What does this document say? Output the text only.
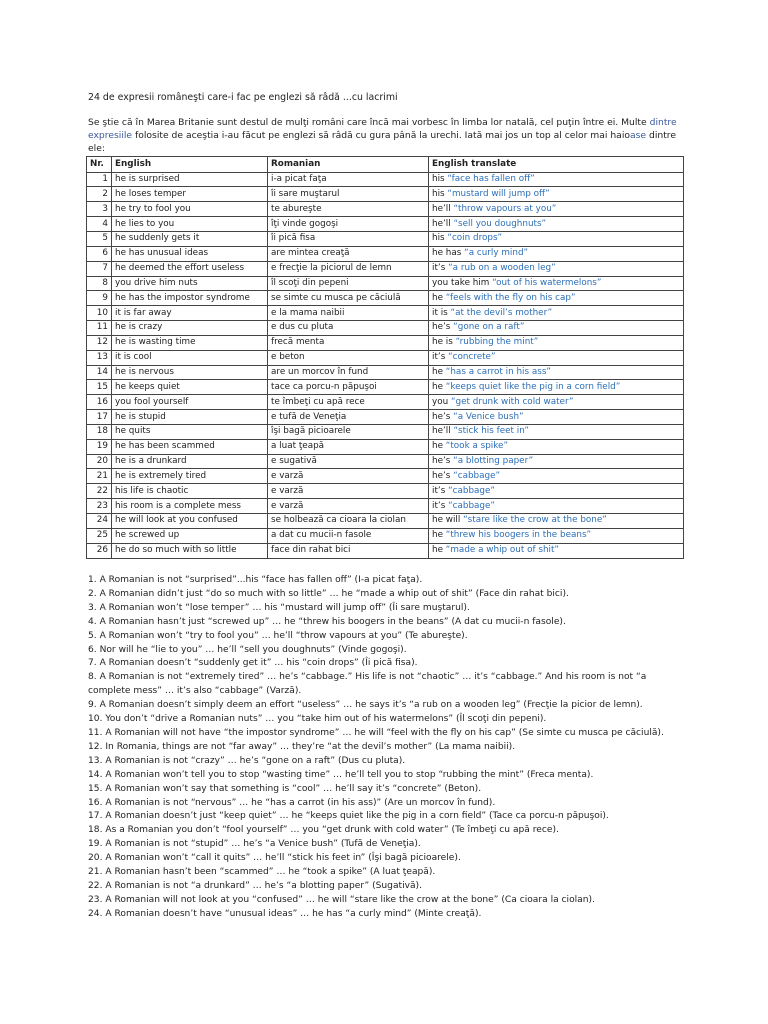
24 de expresii româneşti care-i fac pe englezi să râdă ...cu lacrimi
Se ştie că în Marea Britanie sunt destul de mulţi români care încă mai vorbesc în limba lor natală, cel puţin între ei. Multe dintre expresiile folosite de aceştia i-au făcut pe englezi să râdă cu gura până la urechi. Iată mai jos un top al celor mai haioase dintre ele:
Nr.	English	Romanian	English translate
1	he is surprised	i-a picat faţa	his “face has fallen off”
2	he loses temper	îi sare muştarul	his “mustard will jump off”
3	he try to fool you	te abureşte	he’ll “throw vapours at you”
4	he lies to you	îţi vinde gogoşi	he’ll “sell you doughnuts”
5	he suddenly gets it	îi pică fisa	his “coin drops”
6	he has unusual ideas	are mintea creaţă	he has “a curly mind”
7	he deemed the effort useless	e frecţie la piciorul de lemn	it’s “a rub on a wooden leg”
8	you drive him nuts	îl scoţi din pepeni	you take him “out of his watermelons”
9	he has the impostor syndrome	se simte cu musca pe căciulă	he “feels with the fly on his cap”
10	it is far away	e la mama naibii	it is “at the devil’s mother”
11	he is crazy	e dus cu pluta	he’s “gone on a raft”
12	he is wasting time	frecă menta	he is “rubbing the mint”
13	it is cool	e beton	it’s “concrete”
14	he is nervous	are un morcov în fund	he “has a carrot in his ass”
15	he keeps quiet	tace ca porcu-n păpuşoi	he “keeps quiet like the pig in a corn field”
16	you fool yourself	te îmbeţi cu apă rece	you “get drunk with cold water”
17	he is stupid	e tufă de Veneţia	he’s “a Venice bush”
18	he quits	îşi bagă picioarele	he’ll “stick his feet in”
19	he has been scammed	a luat ţeapă	he “took a spike”
20	he is a drunkard	e sugativă	he’s “a blotting paper”
21	he is extremely tired	e varză	he’s “cabbage”
22	his life is chaotic	e varză	it’s “cabbage”
23	his room is a complete mess	e varză	it’s “cabbage”
24	he will look at you confused	se holbează ca cioara la ciolan	he will “stare like the crow at the bone”
25	he screwed up	a dat cu mucii-n fasole	he “threw his boogers in the beans”
26	he do so much with so little	face din rahat bici	he “made a whip out of shit”
1. A Romanian is not “surprised”...his “face has fallen off” (I-a picat faţa).
2. A Romanian didn’t just “do so much with so little” … he “made a whip out of shit” (Face din rahat bici).
3. A Romanian won’t “lose temper” … his “mustard will jump off” (Îi sare muştarul).
4. A Romanian hasn’t just “screwed up” … he “threw his boogers in the beans” (A dat cu mucii-n fasole).
5. A Romanian won’t “try to fool you” … he’ll “throw vapours at you” (Te abureşte).
6. Nor will he “lie to you” … he’ll “sell you doughnuts” (Vinde gogoşi).
7. A Romanian doesn’t “suddenly get it” … his “coin drops” (Îi pică fisa).
8. A Romanian is not “extremely tired” … he’s “cabbage.” His life is not “chaotic” … it’s “cabbage.” And his room is not “a complete mess” … it’s also “cabbage” (Varză).
9. A Romanian doesn’t simply deem an effort “useless” … he says it’s “a rub on a wooden leg” (Frecţie la picior de lemn).
10. You don’t “drive a Romanian nuts” … you “take him out of his watermelons” (Îl scoţi din pepeni).
11. A Romanian will not have “the impostor syndrome” … he will “feel with the fly on his cap” (Se simte cu musca pe căciulă).
12. In Romania, things are not “far away” … they’re “at the devil’s mother” (La mama naibii).
13. A Romanian is not “crazy” … he’s “gone on a raft” (Dus cu pluta).
14. A Romanian won’t tell you to stop “wasting time” … he’ll tell you to stop “rubbing the mint” (Freca menta).
15. A Romanian won’t say that something is “cool” … he’ll say it’s “concrete” (Beton).
16. A Romanian is not “nervous” … he “has a carrot (in his ass)” (Are un morcov în fund).
17. A Romanian doesn’t just “keep quiet” … he “keeps quiet like the pig in a corn field” (Tace ca porcu-n păpuşoi).
18. As a Romanian you don’t “fool yourself” … you “get drunk with cold water” (Te îmbeţi cu apă rece).
19. A Romanian is not “stupid” … he’s “a Venice bush” (Tufă de Veneţia).
20. A Romanian won’t “call it quits” … he’ll “stick his feet in” (Îşi bagă picioarele).
21. A Romanian hasn’t been “scammed” … he “took a spike” (A luat ţeapă).
22. A Romanian is not “a drunkard” … he’s “a blotting paper” (Sugativă).
23. A Romanian will not look at you “confused” … he will “stare like the crow at the bone” (Ca cioara la ciolan).
24. A Romanian doesn’t have “unusual ideas” … he has “a curly mind” (Minte creaţă).
